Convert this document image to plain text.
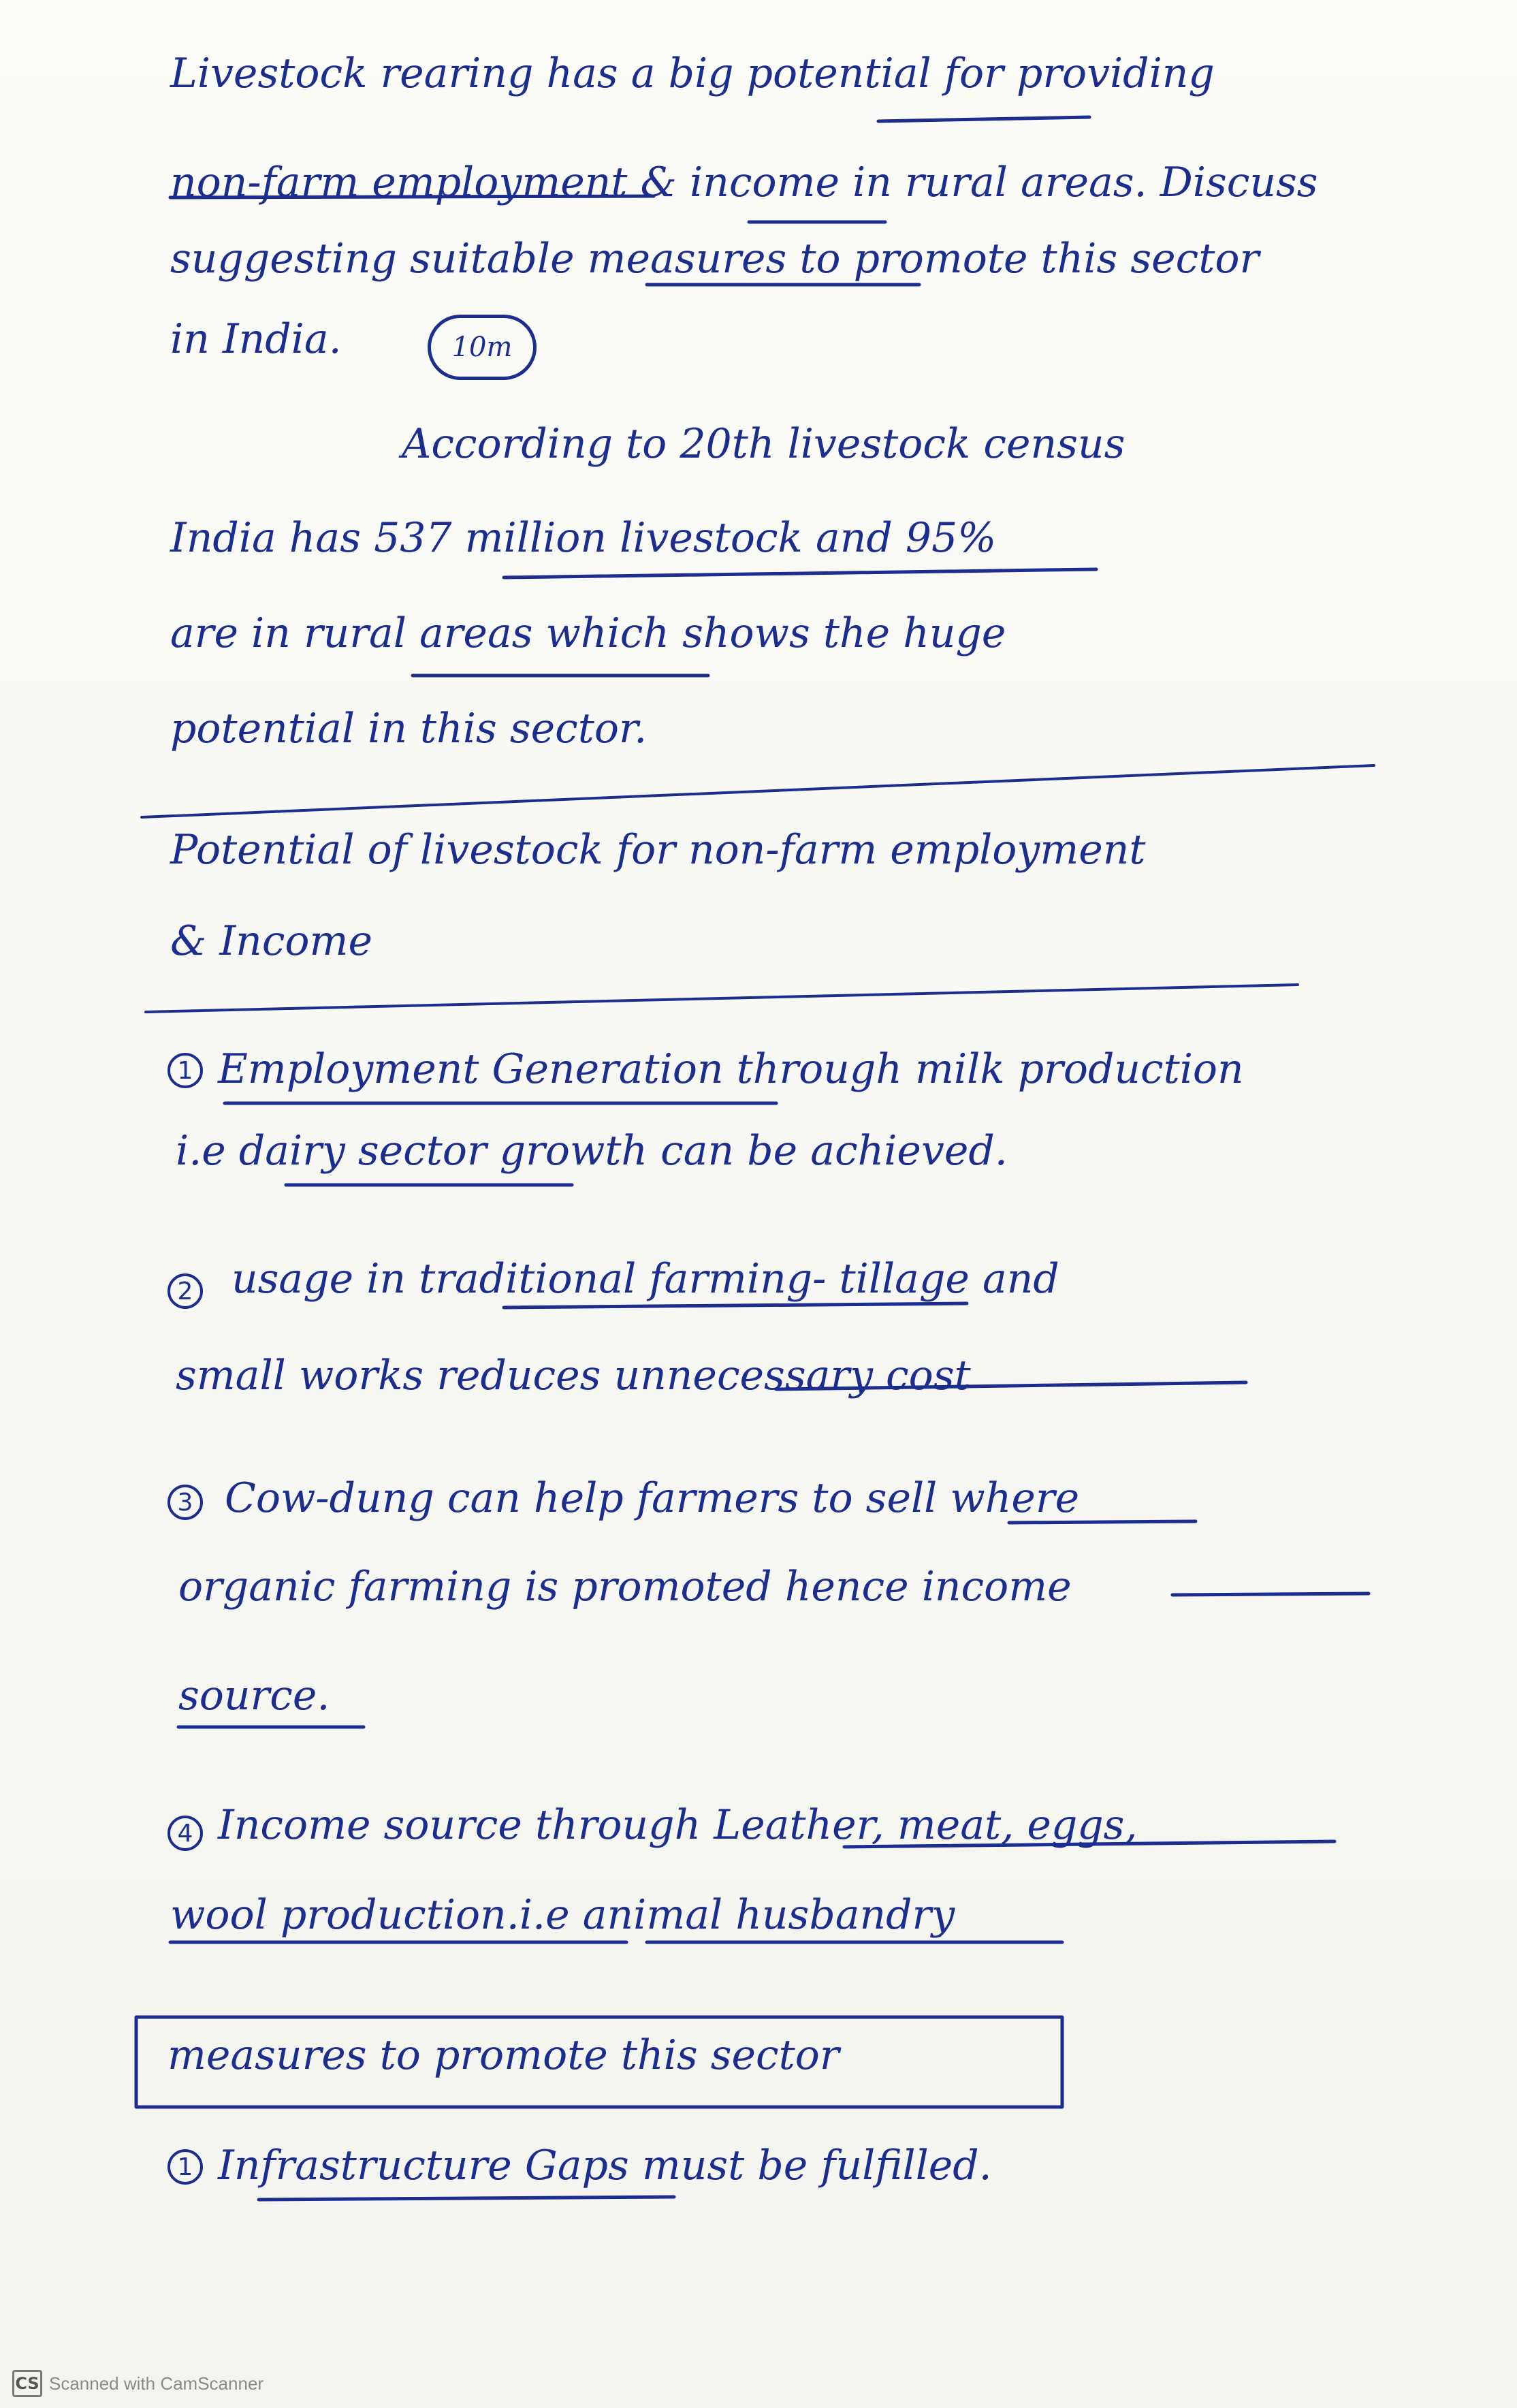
Livestock rearing has a big potential for providing
non-farm employment & income in rural areas. Discuss
suggesting suitable measures to promote this sector
in India.	10m
According to 20th livestock census
India has 537 million livestock and 95%
are in rural areas which shows the huge
potential in this sector.
Potential of livestock for non-farm employment
& Income
1 Employment Generation through milk production
i.e dairy sector growth can be achieved.
2 usage in traditional farming- tillage and
small works reduces unnecessary cost
3 Cow-dung can help farmers to sell where
organic farming is promoted hence income
source.
4 Income source through Leather, meat, eggs,
wool production.i.e animal husbandry
measures to promote this sector
1 Infrastructure Gaps must be fulfilled.
CS Scanned with CamScanner
